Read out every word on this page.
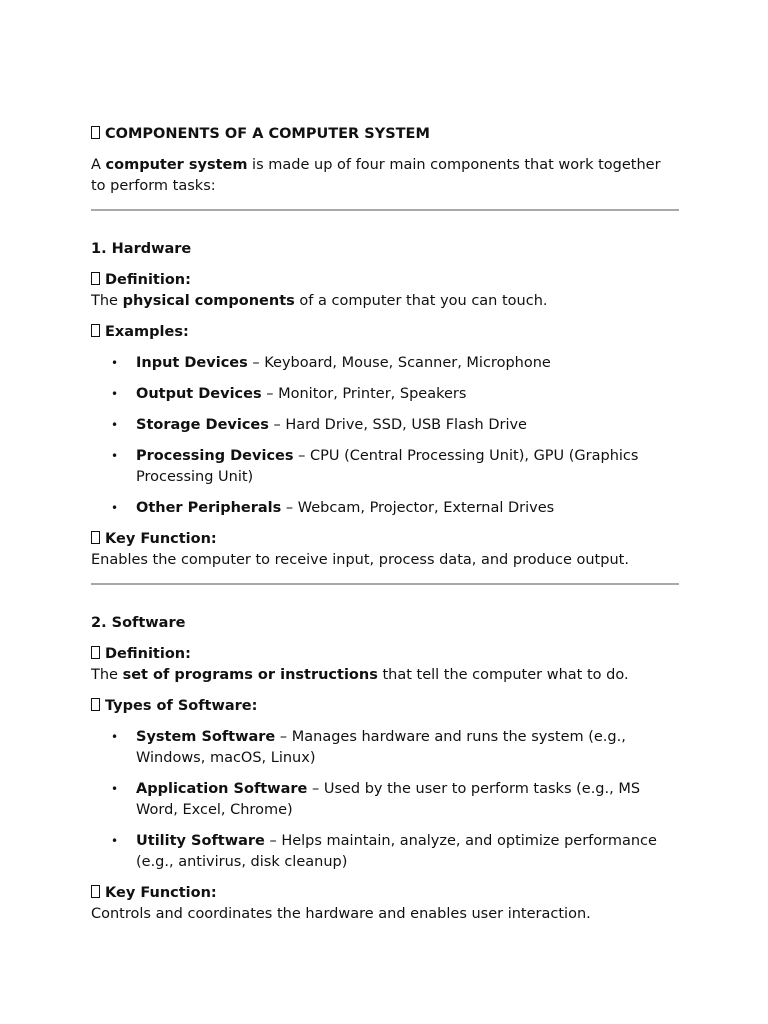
COMPONENTS OF A COMPUTER SYSTEM

A computer system is made up of four main components that work together to perform tasks:

1. Hardware

Definition:

The physical components of a computer that you can touch.

Examples:

• Input Devices – Keyboard, Mouse, Scanner, Microphone
• Output Devices – Monitor, Printer, Speakers
• Storage Devices – Hard Drive, SSD, USB Flash Drive
• Processing Devices – CPU (Central Processing Unit), GPU (Graphics Processing Unit)
• Other Peripherals – Webcam, Projector, External Drives

Key Function:

Enables the computer to receive input, process data, and produce output.

2. Software

Definition:

The set of programs or instructions that tell the computer what to do.

Types of Software:

• System Software – Manages hardware and runs the system (e.g., Windows, macOS, Linux)
• Application Software – Used by the user to perform tasks (e.g., MS Word, Excel, Chrome)
• Utility Software – Helps maintain, analyze, and optimize performance (e.g., antivirus, disk cleanup)

Key Function:

Controls and coordinates the hardware and enables user interaction.
